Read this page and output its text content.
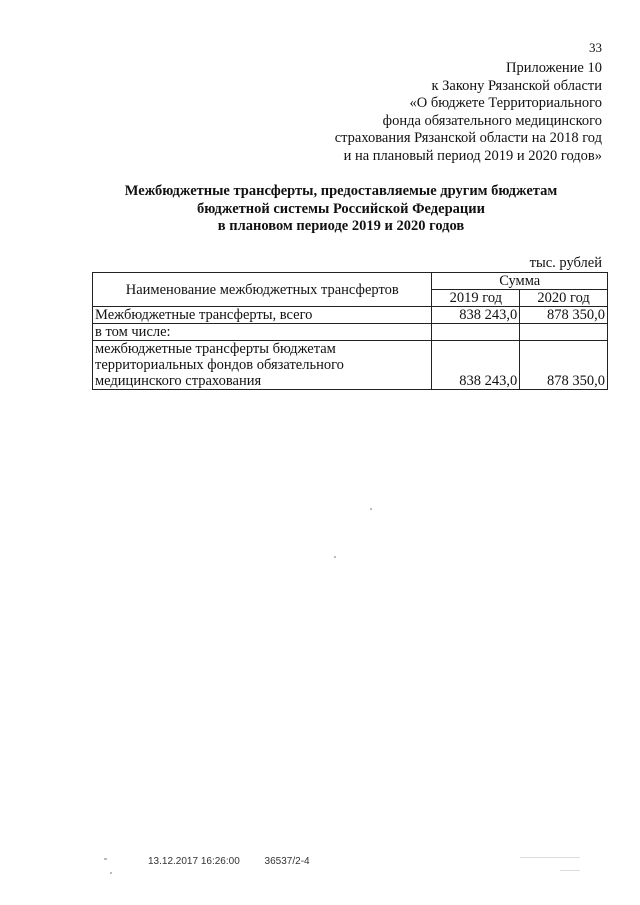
33
Приложение 10
к Закону Рязанской области
«О бюджете Территориального
фонда обязательного медицинского
страхования Рязанской области на 2018 год
и на плановый период 2019 и 2020 годов»
Межбюджетные трансферты, предоставляемые другим бюджетам
бюджетной системы Российской Федерации
в плановом периоде 2019 и 2020 годов
тыс. рублей
Наименование межбюджетных трансфертов	Сумма	
	2019 год	2020 год
Межбюджетные трансферты, всего	838 243,0	878 350,0
в том числе:		

межбюджетные трансферты бюджетам
территориальных фондов обязательного
медицинского страхования	838 243,0	878 350,0
13.12.2017 16:26:00 36537/2-4
